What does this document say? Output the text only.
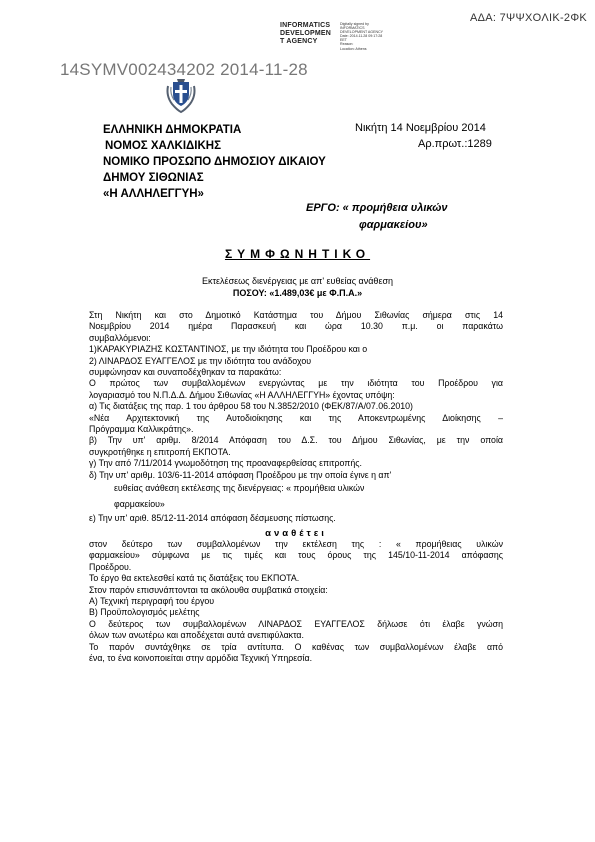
ΑΔΑ: 7ΨΨΧΟΛΙΚ-2ΦΚ
INFORMATICS
DEVELOPMEN
T AGENCY
Digitally signed by
INFORMATICS
DEVELOPMENT AGENCY
Date: 2014.11.28 09:17:28
EET
Reason:
Location: Athens
14SYMV002434202 2014-11-28
ΕΛΛΗΝΙΚΗ ΔΗΜΟΚΡΑΤΙΑ
ΝΟΜΟΣ ΧΑΛΚΙΔΙΚΗΣ
ΝΟΜΙΚΟ ΠΡΟΣΩΠΟ ΔΗΜΟΣΙΟΥ ΔΙΚΑΙΟΥ
ΔΗΜΟΥ ΣΙΘΩΝΙΑΣ
«Η ΑΛΛΗΛΕΓΓΥΗ»
Νικήτη 14 Νοεμβρίου 2014
Αρ.πρωτ.:1289
ΕΡΓΟ: « προμήθεια υλικών
φαρμακείου»
ΣΥΜΦΩΝΗΤΙΚΟ
Εκτελέσεως διενέργειας με απ' ευθείας ανάθεση
ΠΟΣΟΥ: «1.489,03€ με Φ.Π.Α.»

Στη Νικήτη και στο Δημοτικό Κατάστημα του Δήμου Σιθωνίας σήμερα στις 14

Νοεμβρίου 2014 ημέρα Παρασκευή και ώρα 10.30 π.μ. οι παρακάτω

συμβαλλόμενοι:

1)ΚΑΡΑΚΥΡΙΑΖΗΣ ΚΩΣΤΑΝΤΙΝΟΣ, με την ιδιότητα του Προέδρου και ο

2) ΛΙΝΑΡΔΟΣ ΕΥΑΓΓΕΛΟΣ με την ιδιότητα του ανάδοχου

συμφώνησαν και συναποδέχθηκαν τα παρακάτω:

Ο πρώτος των συμβαλλομένων ενεργώντας με την ιδιότητα του Προέδρου για

λογαριασμό του Ν.Π.Δ.Δ. Δήμου Σιθωνίας «Η ΑΛΛΗΛΕΓΓΥΗ» έχοντας υπόψη:

α) Τις διατάξεις της παρ. 1 του άρθρου 58 του Ν.3852/2010 (ΦΕΚ/87/Α/07.06.2010)

«Νέα Αρχιτεκτονική της Αυτοδιοίκησης και της Αποκεντρωμένης Διοίκησης –

Πρόγραμμα Καλλικράτης».

β) Την υπ' αριθμ. 8/2014 Απόφαση του Δ.Σ. του Δήμου Σιθωνίας, με την οποία

συγκροτήθηκε η επιτροπή ΕΚΠΟΤΑ.

γ) Την από 7/11/2014 γνωμοδότηση της προαναφερθείσας επιτροπής.

δ) Την υπ' αριθμ. 103/6-11-2014 απόφαση Προέδρου με την οποία έγινε η απ'

ευθείας ανάθεση εκτέλεσης της διενέργειας: « προμήθεια υλικών

φαρμακείου»

ε) Την υπ' αριθ. 85/12-11-2014 απόφαση δέσμευσης πίστωσης.

αναθέτει

στον δεύτερο των συμβαλλομένων την εκτέλεση της : « προμήθειας υλικών

φαρμακείου» σύμφωνα με τις τιμές και τους όρους της 145/10-11-2014 απόφασης

Προέδρου.

Το έργο θα εκτελεσθεί κατά τις διατάξεις του ΕΚΠΟΤΑ.

Στον παρόν επισυνάπτονται τα ακόλουθα συμβατικά στοιχεία:

Α) Τεχνική περιγραφή του έργου

Β) Προϋπολογισμός μελέτης

Ο δεύτερος των συμβαλλομένων ΛΙΝΑΡΔΟΣ ΕΥΑΓΓΕΛΟΣ δήλωσε ότι έλαβε γνώση

όλων των ανωτέρω και αποδέχεται αυτά ανεπιφύλακτα.

Το παρόν συντάχθηκε σε τρία αντίτυπα. Ο καθένας των συμβαλλομένων έλαβε από

ένα, το ένα κοινοποιείται στην αρμόδια Τεχνική Υπηρεσία.
